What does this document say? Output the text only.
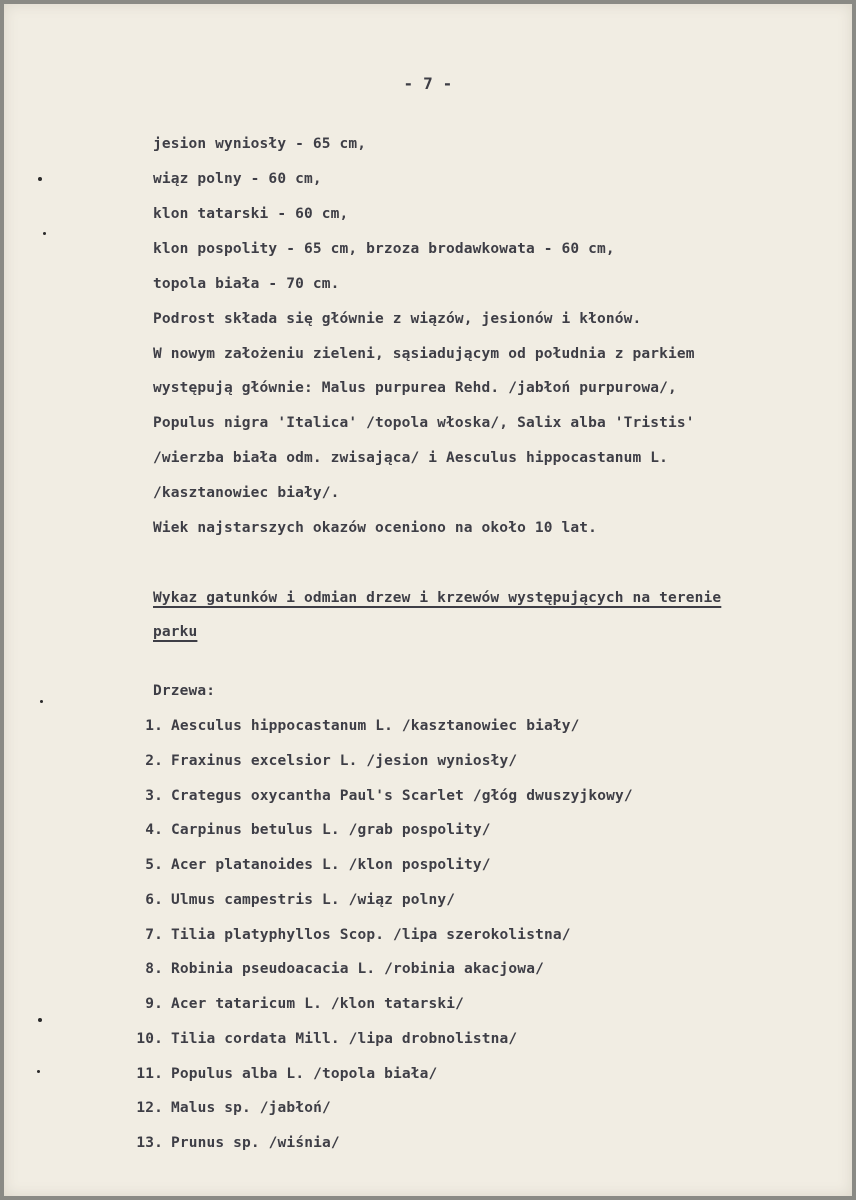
- 7 -
jesion wyniosły - 65 cm,
wiąz polny - 60 cm,
klon tatarski - 60 cm,
klon pospolity - 65 cm, brzoza brodawkowata - 60 cm,
topola biała - 70 cm.
Podrost składa się głównie z wiązów, jesionów i kłonów.
W nowym założeniu zieleni, sąsiadującym od południa z parkiem
występują głównie: Malus purpurea Rehd. /jabłoń purpurowa/,
Populus nigra 'Italica' /topola włoska/, Salix alba 'Tristis'
/wierzba biała odm. zwisająca/ i Aesculus hippocastanum L.
/kasztanowiec biały/.
Wiek najstarszych okazów oceniono na około 10 lat.
Wykaz gatunków i odmian drzew i krzewów występujących na terenie
parku
Drzewa:
1. Aesculus hippocastanum L. /kasztanowiec biały/
2. Fraxinus excelsior L. /jesion wyniosły/
3. Crategus oxycantha Paul's Scarlet /głóg dwuszyjkowy/
4. Carpinus betulus L. /grab pospolity/
5. Acer platanoides L. /klon pospolity/
6. Ulmus campestris L. /wiąz polny/
7. Tilia platyphyllos Scop. /lipa szerokolistna/
8. Robinia pseudoacacia L. /robinia akacjowa/
9. Acer tataricum L. /klon tatarski/
10. Tilia cordata Mill. /lipa drobnolistna/
11. Populus alba L. /topola biała/
12. Malus sp. /jabłoń/
13. Prunus sp. /wiśnia/
